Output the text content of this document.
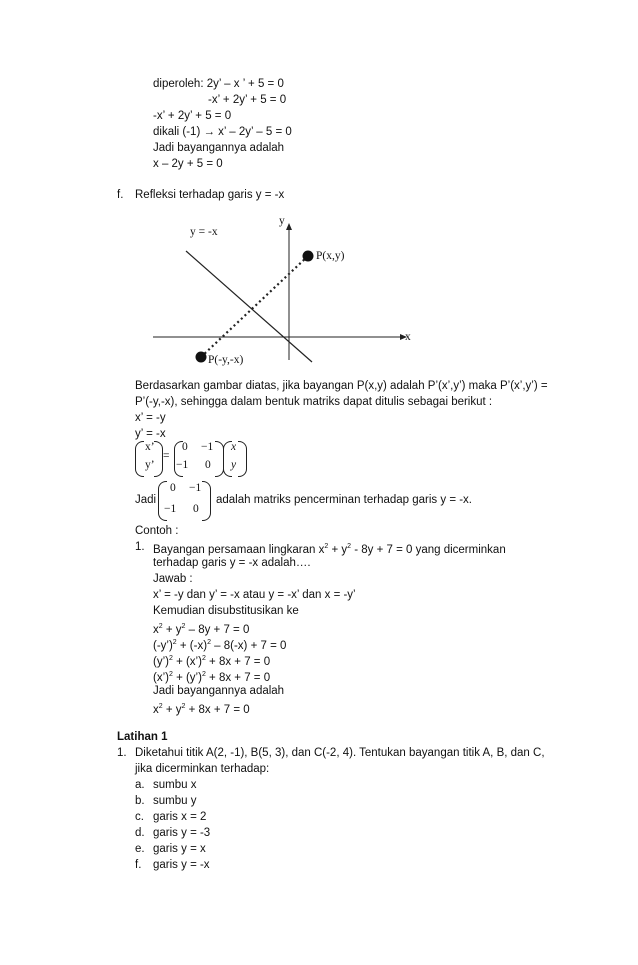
diperoleh: 2y’ – x ’ + 5 = 0
-x’ + 2y’ + 5 = 0
-x’ + 2y’ + 5 = 0
dikali (-1) → x’ – 2y’ – 5 = 0
Jadi bayangannya adalah
x – 2y + 5 = 0
f. Refleksi terhadap garis y = -x
y = -x
y
x
P(x,y)
P(-y,-x)
Berdasarkan gambar diatas, jika bayangan P(x,y) adalah P’(x’,y’) maka P’(x’,y’) =
P’(-y,-x), sehingga dalam bentuk matriks dapat ditulis sebagai berikut :
x’ = -y
y’ = -x
x’
y’
=
0 −1
−1 0
x
y
Jadi
0 −1
−1 0
adalah matriks pencerminan terhadap garis y = -x.
Contoh :
1. Bayangan persamaan lingkaran $x^2 + y^2 - 8y + 7 = 0$ yang dicerminkan
terhadap garis y = -x adalah….
Jawab :
x’ = -y dan y’ = -x atau y = -x’ dan x = -y’
Kemudian disubstitusikan ke
$x^2 + y^2 - 8y + 7 = 0$
(-y’)$^2$ + $(-x)^2 - 8(-x) + 7 = 0$
(y’)$^2$ + (x’)$^2$ + 8x + 7 = 0
(x’)$^2$ + (y’)$^2$ + 8x + 7 = 0
Jadi bayangannya adalah
$x^2 + y^2 + 8x + 7 = 0$
Latihan 1
1. Diketahui titik A(2, -1), B(5, 3), dan C(-2, 4). Tentukan bayangan titik A, B, dan C,
jika dicerminkan terhadap:
a. sumbu x
b. sumbu y
c. garis x = 2
d. garis y = -3
e. garis y = x
f. garis y = -x
